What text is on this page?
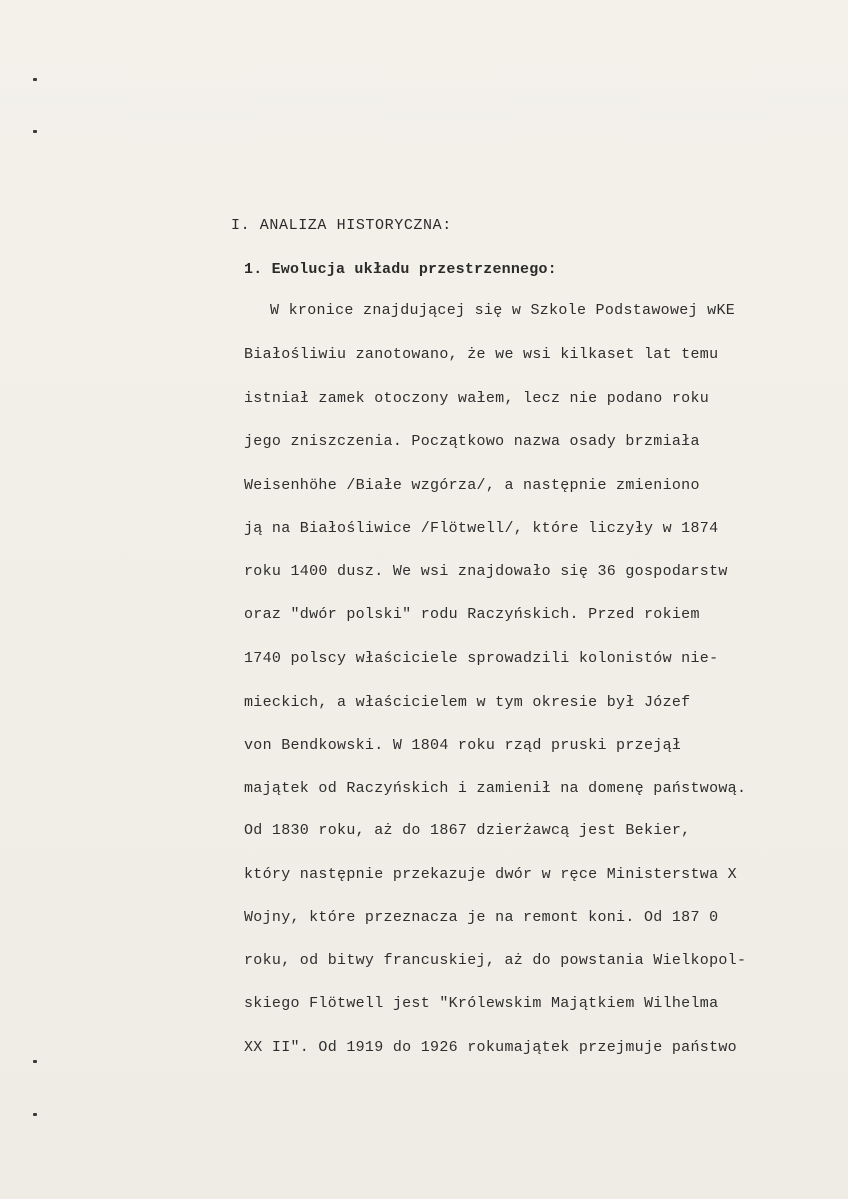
I. ANALIZA HISTORYCZNA:
1. Ewolucja układu przestrzennego:
W kronice znajdującej się w Szkole Podstawowej wKE
Białośliwiu zanotowano, że we wsi kilkaset lat temu
istniał zamek otoczony wałem, lecz nie podano roku
jego zniszczenia. Początkowo nazwa osady brzmiała
Weisenhöhe /Białe wzgórza/, a następnie zmieniono
ją na Białośliwice /Flötwell/, które liczyły w 1874
roku 1400 dusz. We wsi znajdowało się 36 gospodarstw
oraz "dwór polski" rodu Raczyńskich. Przed rokiem
1740 polscy właściciele sprowadzili kolonistów nie-
mieckich, a właścicielem w tym okresie był Józef
von Bendkowski. W 1804 roku rząd pruski przejął
majątek od Raczyńskich i zamienił na domenę państwową.
Od 1830 roku, aż do 1867 dzierżawcą jest Bekier,
który następnie przekazuje dwór w ręce Ministerstwa X
Wojny, które przeznacza je na remont koni. Od 187 0
roku, od bitwy francuskiej, aż do powstania Wielkopol-
skiego Flötwell jest "Królewskim Majątkiem Wilhelma
XX II". Od 1919 do 1926 rokumajątek przejmuje państwo
